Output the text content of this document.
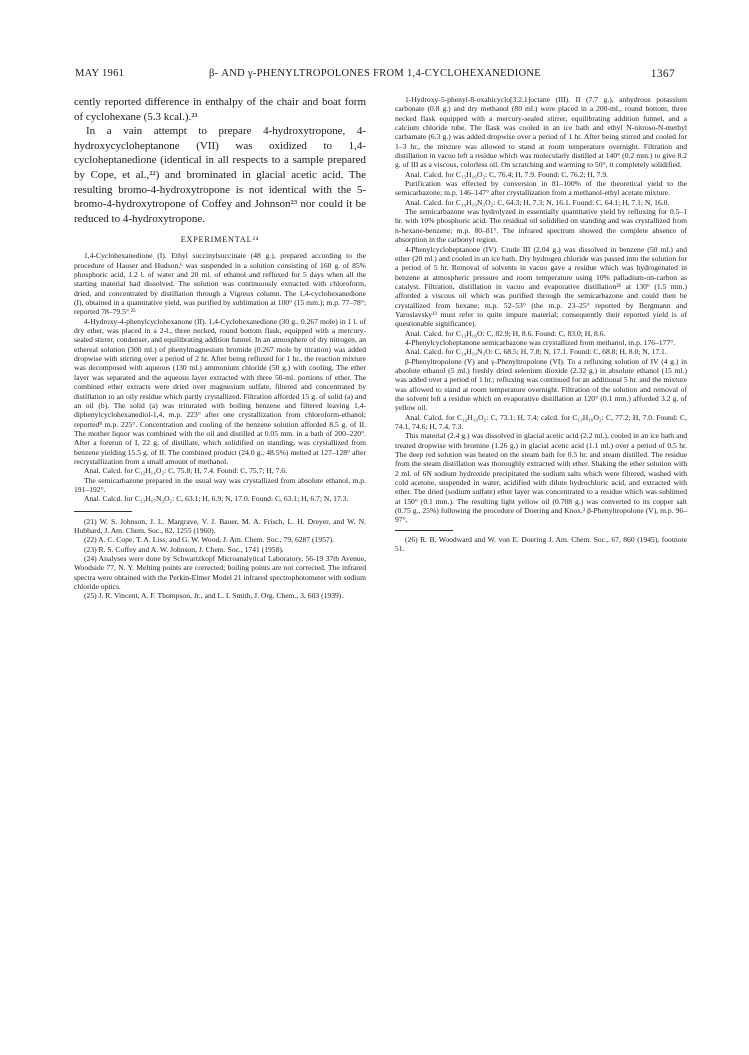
MAY 1961	β- AND γ-PHENYLTROPOLONES FROM 1,4-CYCLOHEXANEDIONE	1367

cently reported difference in enthalpy of the chair and boat form of cyclohexane (5.3 kcal.).²¹

In a vain attempt to prepare 4-hydroxytropone, 4-hydroxycycloheptanone (VII) was oxidized to 1,4-cycloheptanedione (identical in all respects to a sample prepared by Cope, et al.,²²) and brominated in glacial acetic acid. The resulting bromo-4-hydroxytropone is not identical with the 5-bromo-4-hydroxytropone of Coffey and Johnson²³ nor could it be reduced to 4-hydroxytropone.

EXPERIMENTAL²⁴

1,4-Cyclohexanedione (I). Ethyl succinylsuccinate (48 g.), prepared according to the procedure of Hauser and Hudson,⁶ was suspended in a solution consisting of 160 g. of 85% phosphoric acid, 1.2 l. of water and 20 ml. of ethanol and refluxed for 5 days when all the starting material had dissolved. The solution was continuously extracted with chloroform, dried, and concentrated by distillation through a Vigreux column. The 1,4-cyclohexanedione (I), obtained in a quantitative yield, was purified by sublimation at 100° (15 mm.); m.p. 77–78°; reported 78–79.5°.²⁵

4-Hydroxy-4-phenylcyclohexanone (II). 1,4-Cyclohexanedione (30 g., 0.267 mole) in 1 l. of dry ether, was placed in a 2-l., three necked, round bottom flask, equipped with a mercury-sealed stirrer, condenser, and equilibrating addition funnel. In an atmosphere of dry nitrogen, an ethereal solution (300 ml.) of phenylmagnesium bromide (0.267 mole by titration) was added dropwise with stirring over a period of 2 hr. After being refluxed for 1 hr., the reaction mixture was decomposed with aqueous (130 ml.) ammonium chloride (50 g.) with cooling. The ether layer was separated and the aqueous layer extracted with three 50-ml. portions of ether. The combined ether extracts were dried over magnesium sulfate, filtered and concentrated by distillation to an oily residue which partly crystallized. Filtration afforded 15 g. of solid (a) and an oil (b). The solid (a) was triturated with boiling benzene and filtered leaving 1,4-diphenylcyclohexanediol-1,4, m.p. 223° after one crystallization from chloroform-ethanol; reported⁸ m.p. 225°. Concentration and cooling of the benzene solution afforded 8.5 g. of II. The mother liquor was combined with the oil and distilled at 0.05 mm. in a bath of 200–220°. After a forerun of I, 22 g. of distillate, which solidified on standing, was crystallized from benzene yielding 15.5 g. of II. The combined product (24.0 g., 48.5%) melted at 127–128° after recrystallization from a small amount of methanol.

Anal. Calcd. for C₁₂H₁₄O₂: C, 75.8; H, 7.4. Found: C, 75.7; H, 7.6.

The semicarbazone prepared in the usual way was crystallized from absolute ethanol, m.p. 191–192°.

Anal. Calcd. for C₁₃H₁₇N₃O₂: C, 63.1; H, 6.9; N, 17.0. Found: C, 63.1; H, 6.7; N, 17.3.

(21) W. S. Johnson, J. L. Margrave, V. J. Bauer, M. A. Frisch, L. H. Dreyer, and W. N. Hubbard, J. Am. Chem. Soc., 82, 1255 (1960).

(22) A. C. Cope, T. A. Liss, and G. W. Wood, J. Am. Chem. Soc., 79, 6287 (1957).

(23) R. S. Coffey and A. W. Johnson, J. Chem. Soc., 1741 (1958).

(24) Analyses were done by Schwartzkopf Microanalytical Laboratory, 56-19 37th Avenue, Woodside 77, N. Y. Melting points are corrected; boiling points are not corrected. The infrared spectra were obtained with the Perkin-Elmer Model 21 infrared spectrophotometer with sodium chloride optics.

(25) J. R. Vincent, A. F. Thompson, Jr., and L. I. Smith, J. Org. Chem., 3, 603 (1939).

1-Hydroxy-5-phenyl-8-oxabicyclo[3.2.1]octane (III). II (7.7 g.), anhydrous potassium carbonate (0.8 g.) and dry methanol (80 ml.) were placed in a 200-ml., round bottom, three necked flask equipped with a mercury-sealed stirrer, equilibrating addition funnel, and a calcium chloride tube. The flask was cooled in an ice bath and ethyl N-nitroso-N-methyl carbamate (6.3 g.) was added dropwise over a period of 1 hr. After being stirred and cooled for 1–3 hr., the mixture was allowed to stand at room temperature overnight. Filtration and distillation in vacuo left a residue which was molecularly distilled at 140° (0.2 mm.) to give 8.2 g. of III as a viscous, colorless oil. On scratching and warming to 50°, it completely solidified.

Anal. Calcd. for C₁₃H₁₆O₂: C, 76.4; H, 7.9. Found: C, 76.2; H, 7.9.

Purification was effected by conversion in 81–100% of the theoretical yield to the semicarbazone; m.p. 146–147° after crystallization from a methanol-ethyl acetate mixture.

Anal. Calcd. for C₁₄H₁₉N₃O₂: C, 64.3; H, 7.3; N, 16.1. Found: C, 64.1; H, 7.1; N, 16.0.

The semicarbazone was hydrolyzed in essentially quantitative yield by refluxing for 0.5–1 hr. with 10% phosphoric acid. The residual oil solidified on standing and was crystallized from n-hexane-benzene; m.p. 80–81°. The infrared spectrum showed the complete absence of absorption in the carbonyl region.

4-Phenylcycloheptanone (IV). Crude III (2.04 g.) was dissolved in benzene (50 ml.) and ether (20 ml.) and cooled in an ice bath. Dry hydrogen chloride was passed into the solution for a period of 5 hr. Removal of solvents in vacuo gave a residue which was hydrogenated in benzene at atmospheric pressure and room temperature using 10% palladium-on-carbon as catalyst. Filtration, distillation in vacuo and evaporative distillation²⁶ at 130° (1.5 mm.) afforded a viscous oil which was purified through the semicarbazone and could then be crystallized from hexane; m.p. 52–53° (the m.p. 23–25° reported by Bergmann and Yaroslavsky¹³ must refer to quite impure material; consequently their reported yield is of questionable significance).

Anal. Calcd. for C₁₃H₁₆O: C, 82.9; H, 8.6. Found: C, 83.0; H, 8.6.

4-Phenylcycloheptanone semicarbazone was crystallized from methanol, m.p. 176–177°.

Anal. Calcd. for C₁₄H₁₉N₃O: C, 68.5; H, 7.8; N, 17.1. Found: C, 68.8; H, 8.0; N, 17.1.

β-Phenyltropolone (V) and γ-Phenyltropolone (VI). To a refluxing solution of IV (4 g.) in absolute ethanol (5 ml.) freshly dried selenium dioxide (2.32 g.) in absolute ethanol (15 ml.) was added over a period of 1 hr.; refluxing was continued for an additional 5 hr. and the mixture was allowed to stand at room temperature overnight. Filtration of the solution and removal of the solvent left a residue which on evaporative distillation at 120° (0.1 mm.) afforded 3.2 g. of yellow oil.

Anal. Calcd. for C₁₃H₁₀O₂: C, 73.1; H, 7.4; calcd. for C₁₃H₁₀O₂: C, 77.2; H, 7.0. Found: C, 74.1, 74.6; H, 7.4, 7.3.

This material (2.4 g.) was dissolved in glacial acetic acid (2.2 ml.), cooled in an ice bath and treated dropwise with bromine (1.26 g.) in glacial acetic acid (1.1 ml.) over a period of 0.5 hr. The deep red solution was heated on the steam bath for 0.5 hr. and steam distilled. The residue from the steam distillation was thoroughly extracted with ether. Shaking the ether solution with 2 ml. of 6N sodium hydroxide precipitated the sodium salts which were filtered, washed with cold acetone, suspended in water, acidified with dilute hydrochloric acid, and extracted with ether. The dried (sodium sulfate) ether layer was concentrated to a residue which was sublimed at 150° (0.1 mm.). The resulting light yellow oil (0.708 g.) was converted to its copper salt (0.75 g., 25%) following the procedure of Doering and Knox.³ β-Phenyltropolone (V), m.p. 96–97°,

(26) R. B. Woodward and W. von E. Doering J. Am. Chem. Soc., 67, 860 (1945), footnote 51.
